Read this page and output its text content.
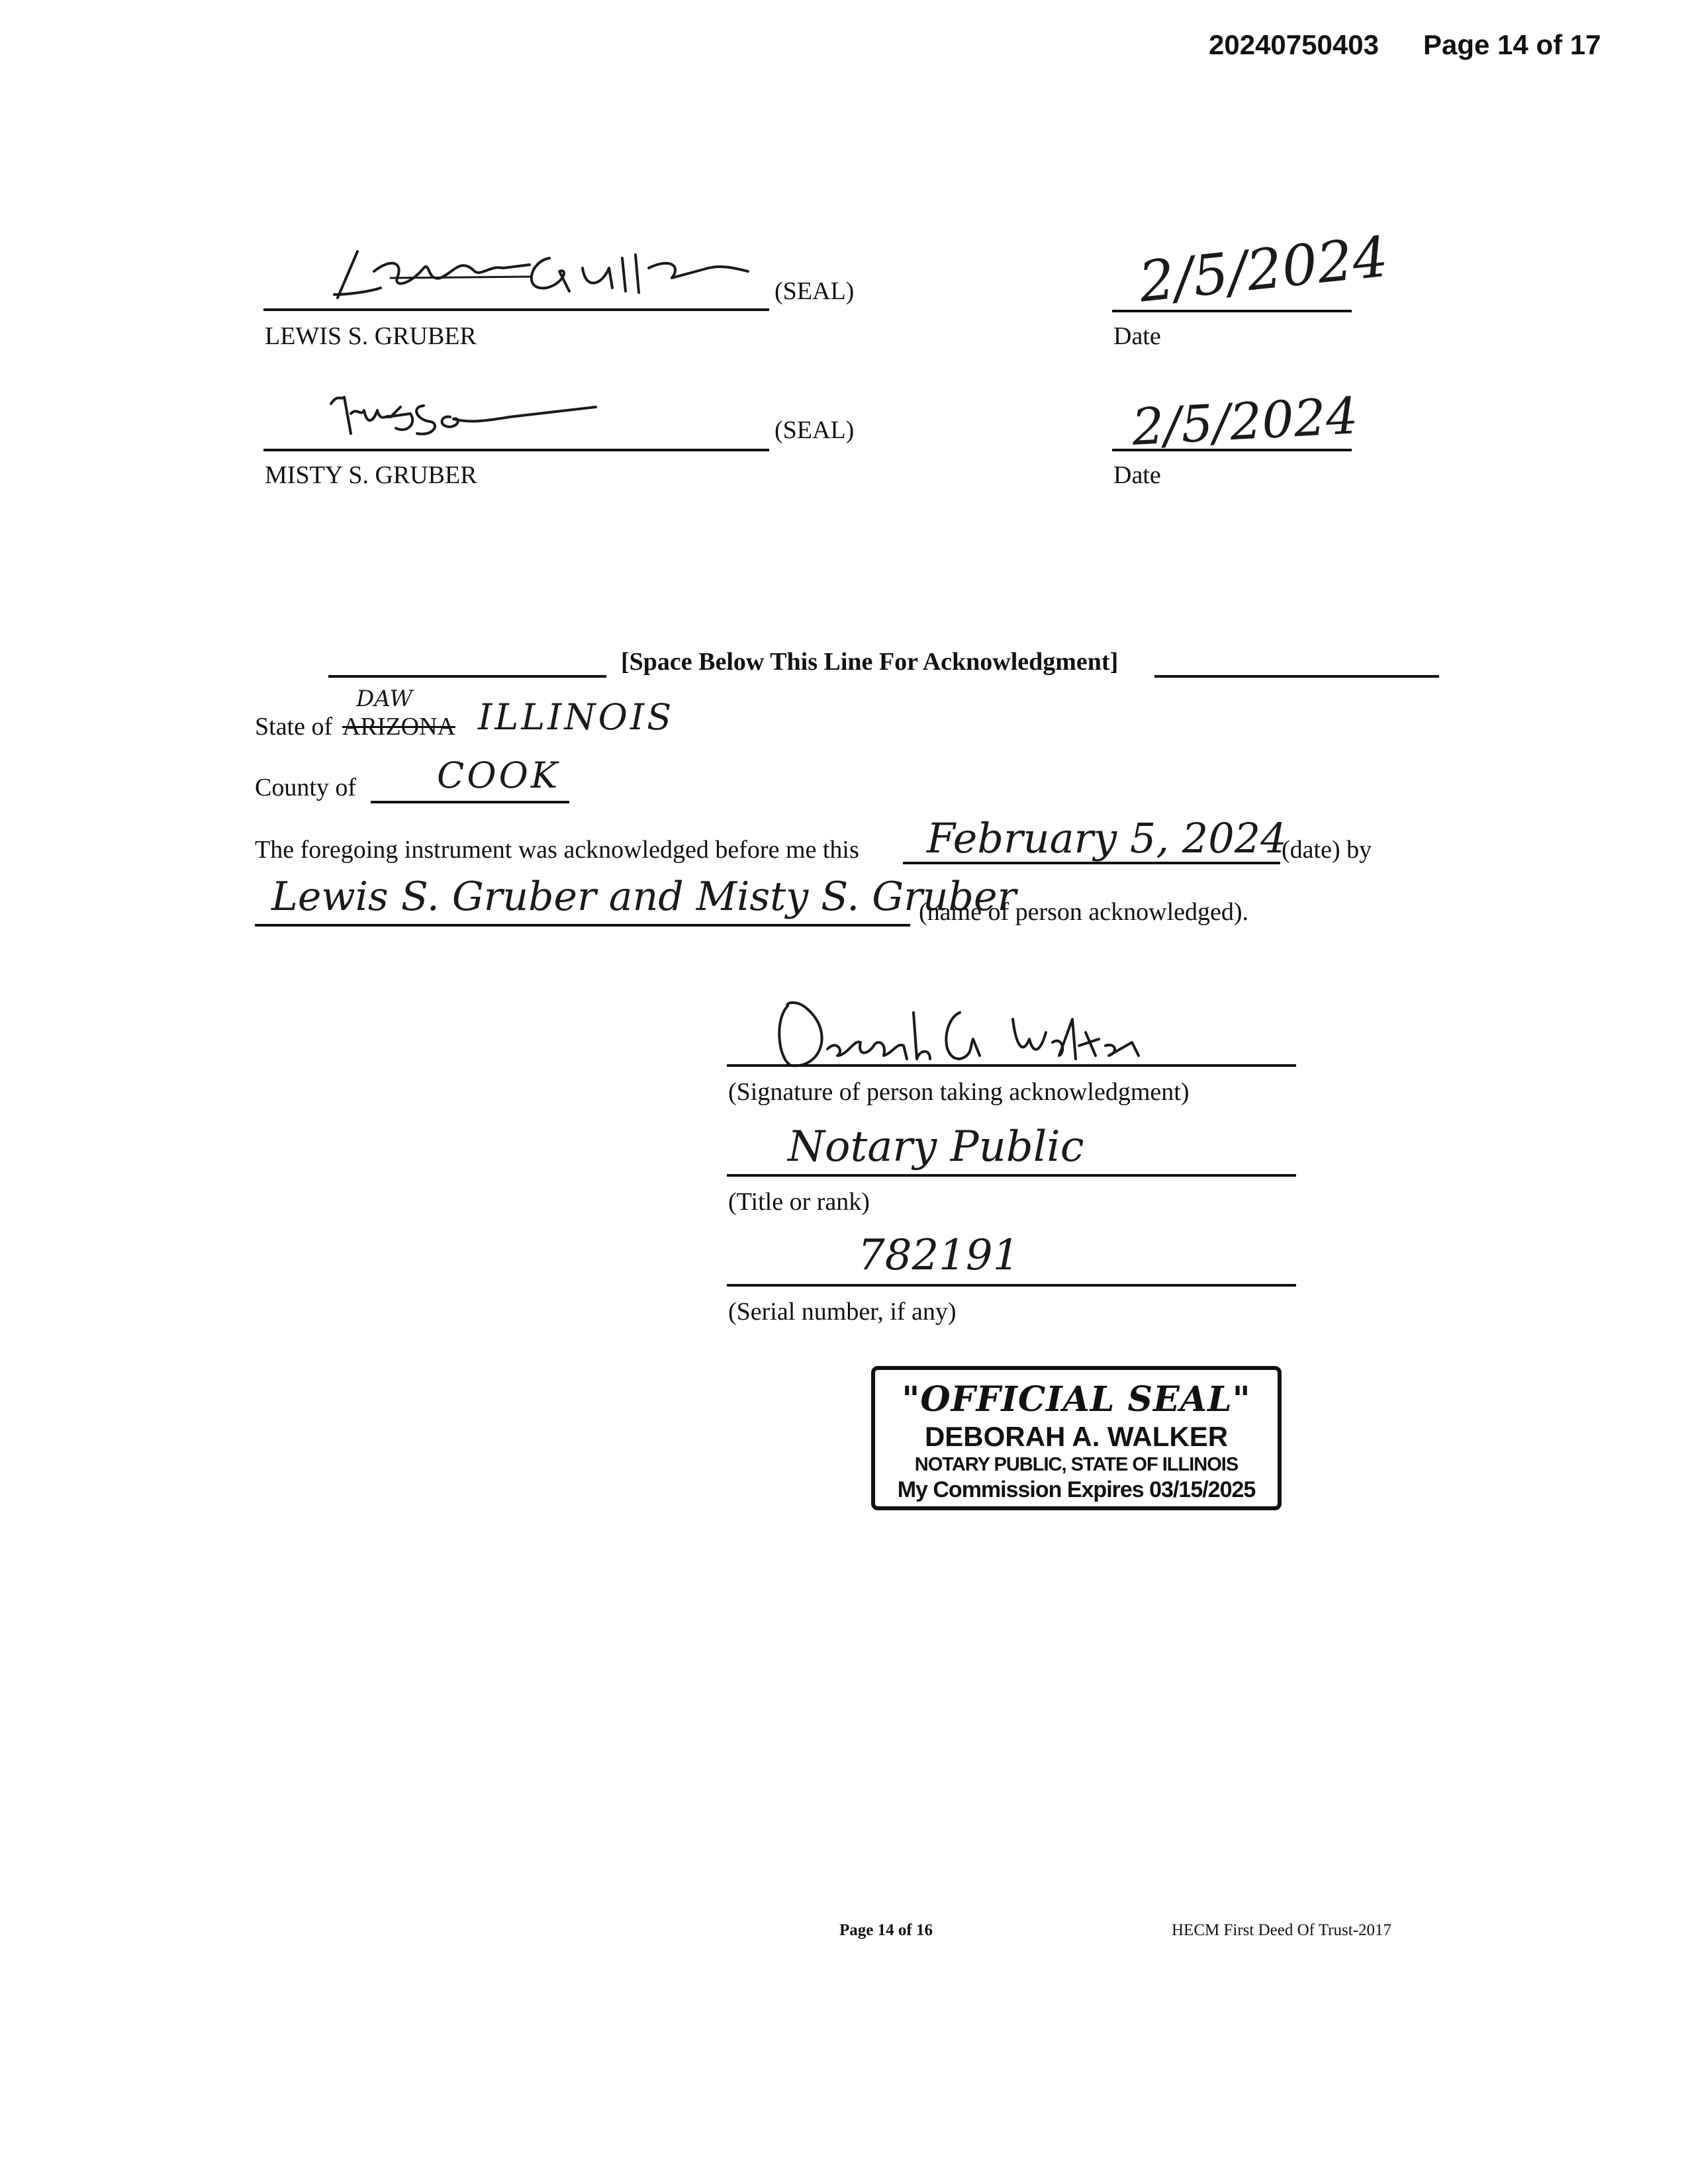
20240750403 Page 14 of 17
(SEAL)
LEWIS S. GRUBER
2/5/2024
Date
(SEAL)
MISTY S. GRUBER
2/5/2024
Date
[Space Below This Line For Acknowledgment]
State of ARIZONA
DAW ILLINOIS
County of COOK
The foregoing instrument was acknowledged before me this February 5, 2024
(date) by
Lewis S. Gruber and Misty S. Gruber
(name of person acknowledged).
(Signature of person taking acknowledgment)
Notary Public
(Title or rank)
782191
(Serial number, if any)
"OFFICIAL SEAL"
DEBORAH A. WALKER
NOTARY PUBLIC, STATE OF ILLINOIS
My Commission Expires 03/15/2025
Page 14 of 16	HECM First Deed Of Trust-2017
